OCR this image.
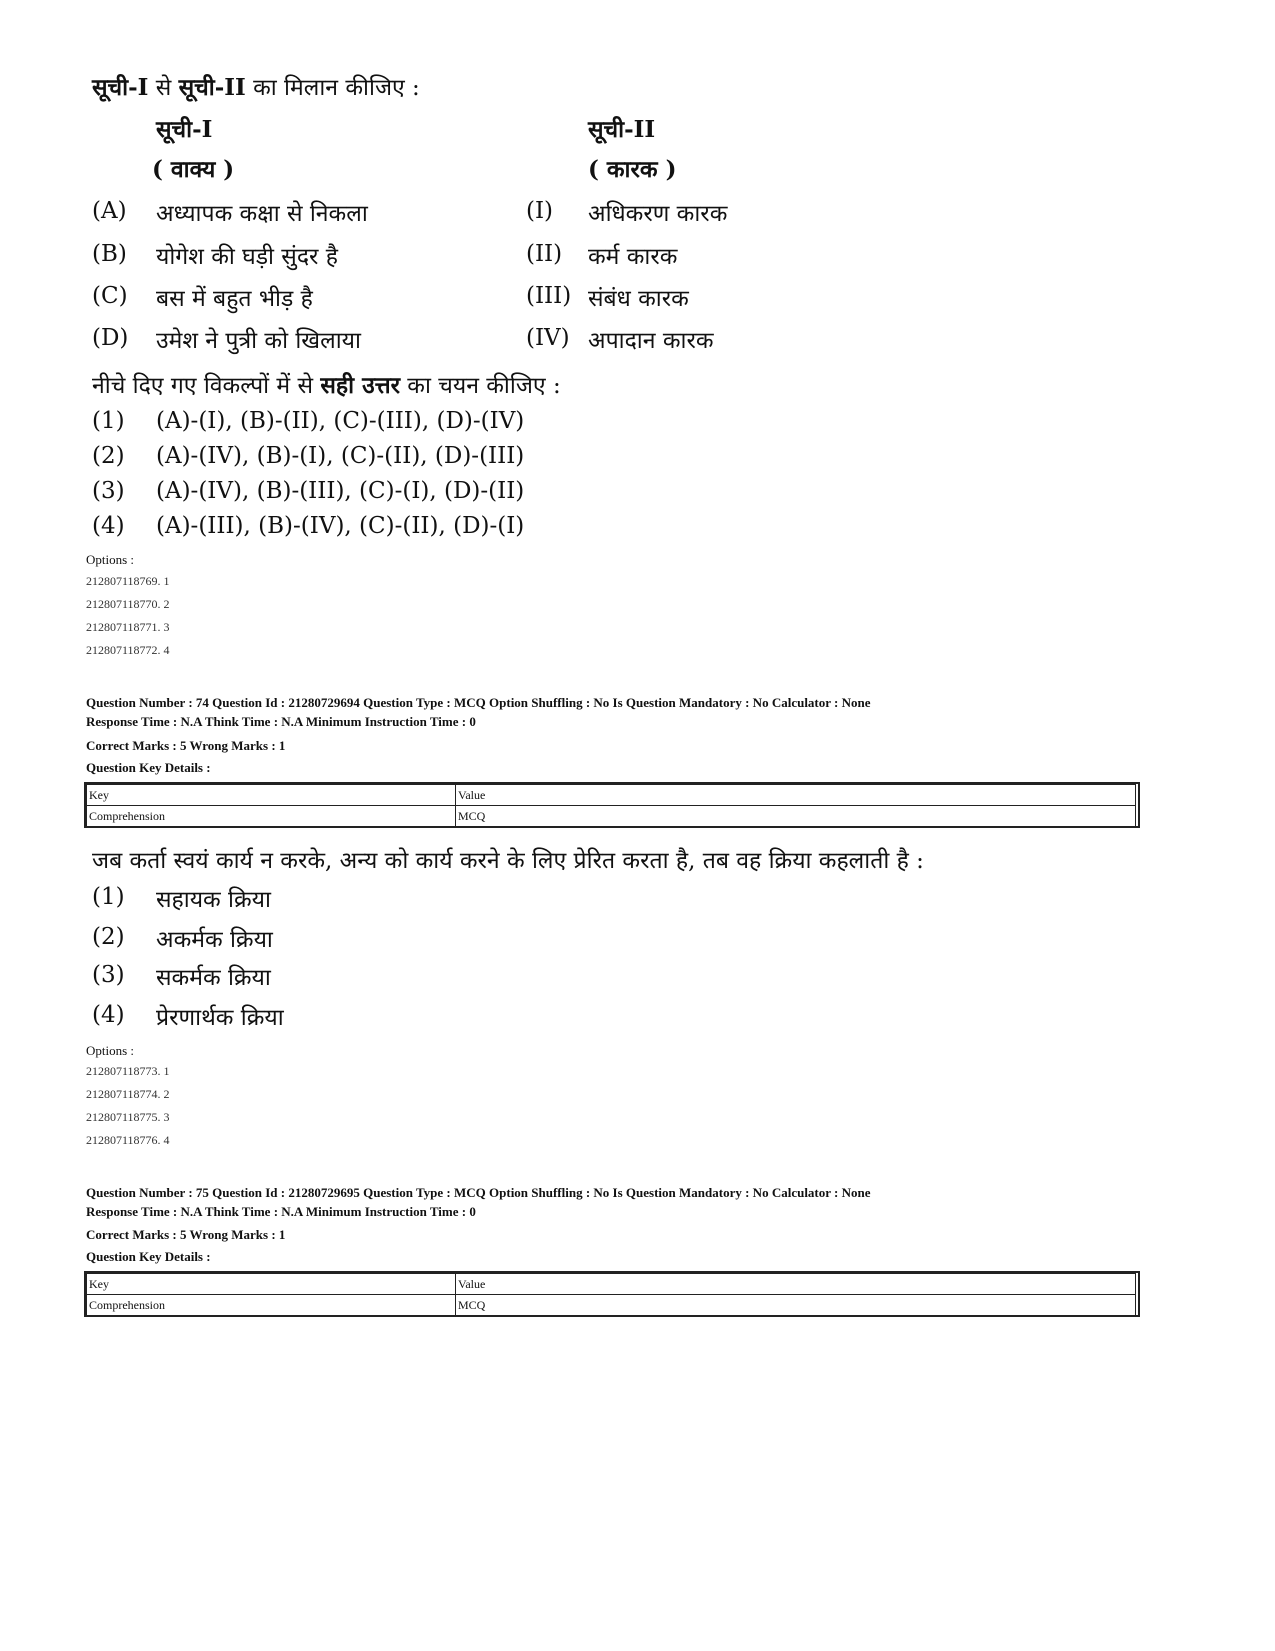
सूची-I से सूची-II का मिलान कीजिए :
सूची-I	सूची-II
( वाक्य )	( कारक )
(A) अध्यापक कक्षा से निकला	(I) अधिकरण कारक
(B) योगेश की घड़ी सुंदर है	(II) कर्म कारक
(C) बस में बहुत भीड़ है	(III) संबंध कारक
(D) उमेश ने पुत्री को खिलाया	(IV) अपादान कारक
नीचे दिए गए विकल्पों में से सही उत्तर का चयन कीजिए :
(1) (A)-(I), (B)-(II), (C)-(III), (D)-(IV)
(2) (A)-(IV), (B)-(I), (C)-(II), (D)-(III)
(3) (A)-(IV), (B)-(III), (C)-(I), (D)-(II)
(4) (A)-(III), (B)-(IV), (C)-(II), (D)-(I)
Options :
212807118769. 1
212807118770. 2
212807118771. 3
212807118772. 4
Question Number : 74 Question Id : 21280729694 Question Type : MCQ Option Shuffling : No Is Question Mandatory : No Calculator : None
Response Time : N.A Think Time : N.A Minimum Instruction Time : 0
Correct Marks : 5 Wrong Marks : 1
Question Key Details :
Key	Value
Comprehension	MCQ
जब कर्ता स्वयं कार्य न करके, अन्य को कार्य करने के लिए प्रेरित करता है, तब वह क्रिया कहलाती है :
(1) सहायक क्रिया
(2) अकर्मक क्रिया
(3) सकर्मक क्रिया
(4) प्रेरणार्थक क्रिया
Options :
212807118773. 1
212807118774. 2
212807118775. 3
212807118776. 4
Question Number : 75 Question Id : 21280729695 Question Type : MCQ Option Shuffling : No Is Question Mandatory : No Calculator : None
Response Time : N.A Think Time : N.A Minimum Instruction Time : 0
Correct Marks : 5 Wrong Marks : 1
Question Key Details :
Key	Value
Comprehension	MCQ
